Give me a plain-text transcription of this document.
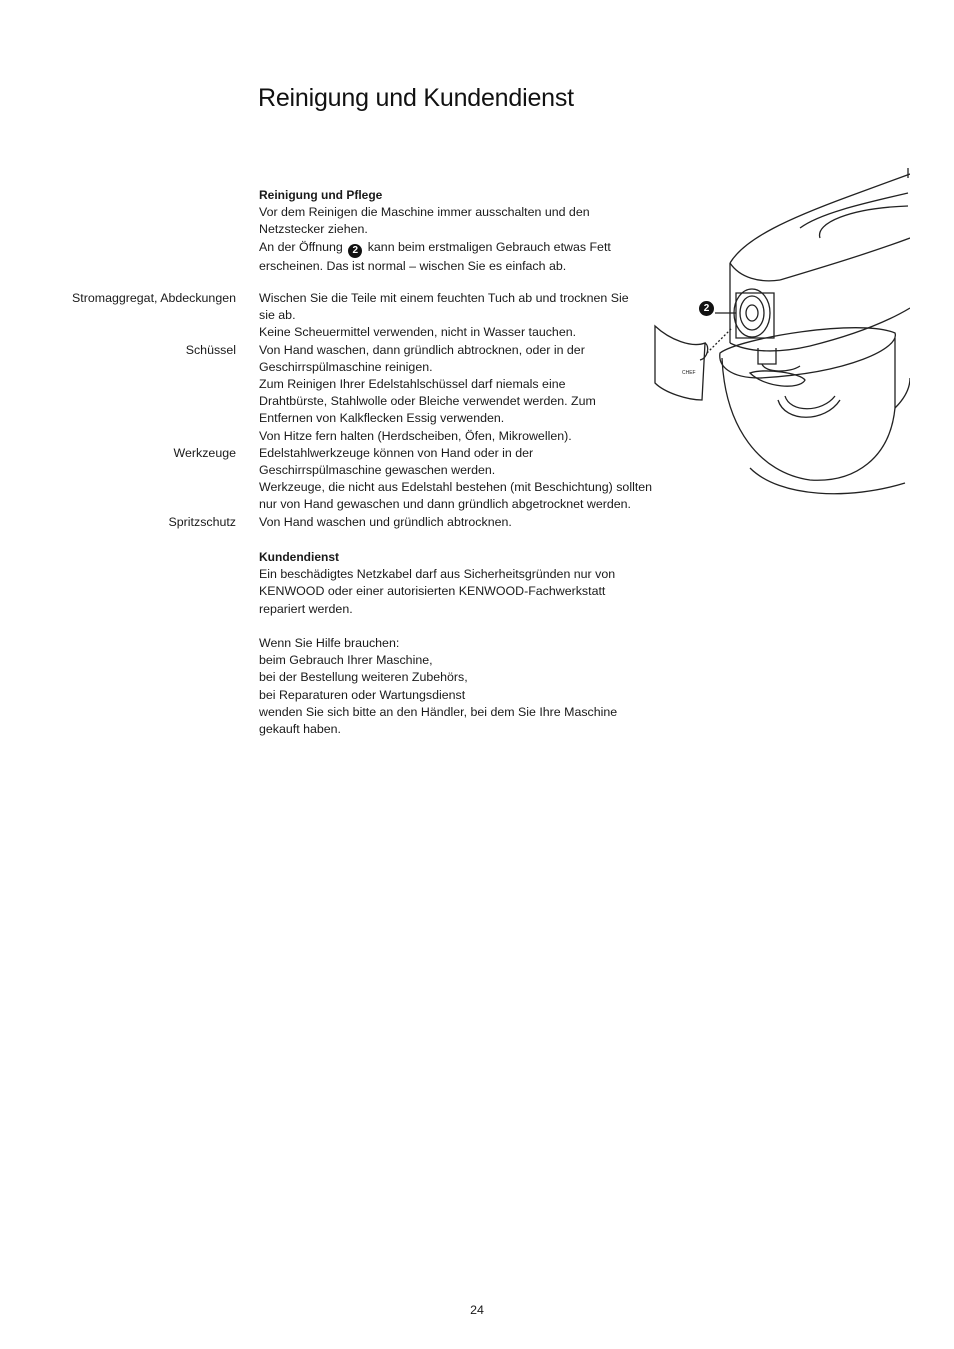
Reinigung und Kundendienst
Reinigung und Pflege
Vor dem Reinigen die Maschine immer ausschalten und den
Netzstecker ziehen.
An der Öffnung 2 kann beim erstmaligen Gebrauch etwas Fett
erscheinen. Das ist normal – wischen Sie es einfach ab.
Stromaggregat, Abdeckungen
Schüssel
Werkzeuge
Spritzschutz
Wischen Sie die Teile mit einem feuchten Tuch ab und trocknen Sie
sie ab.
Keine Scheuermittel verwenden, nicht in Wasser tauchen.
Von Hand waschen, dann gründlich abtrocknen, oder in der
Geschirrspülmaschine reinigen.
Zum Reinigen Ihrer Edelstahlschüssel darf niemals eine
Drahtbürste, Stahlwolle oder Bleiche verwendet werden. Zum
Entfernen von Kalkflecken Essig verwenden.
Von Hitze fern halten (Herdscheiben, Öfen, Mikrowellen).
Edelstahlwerkzeuge können von Hand oder in der
Geschirrspülmaschine gewaschen werden.
Werkzeuge, die nicht aus Edelstahl bestehen (mit Beschichtung) sollten
nur von Hand gewaschen und dann gründlich abgetrocknet werden.
Von Hand waschen und gründlich abtrocknen.
Kundendienst
Ein beschädigtes Netzkabel darf aus Sicherheitsgründen nur von
KENWOOD oder einer autorisierten KENWOOD-Fachwerkstatt
repariert werden.
Wenn Sie Hilfe brauchen:
beim Gebrauch Ihrer Maschine,
bei der Bestellung weiteren Zubehörs,
bei Reparaturen oder Wartungsdienst
wenden Sie sich bitte an den Händler, bei dem Sie Ihre Maschine
gekauft haben.
CHEF
2
24
